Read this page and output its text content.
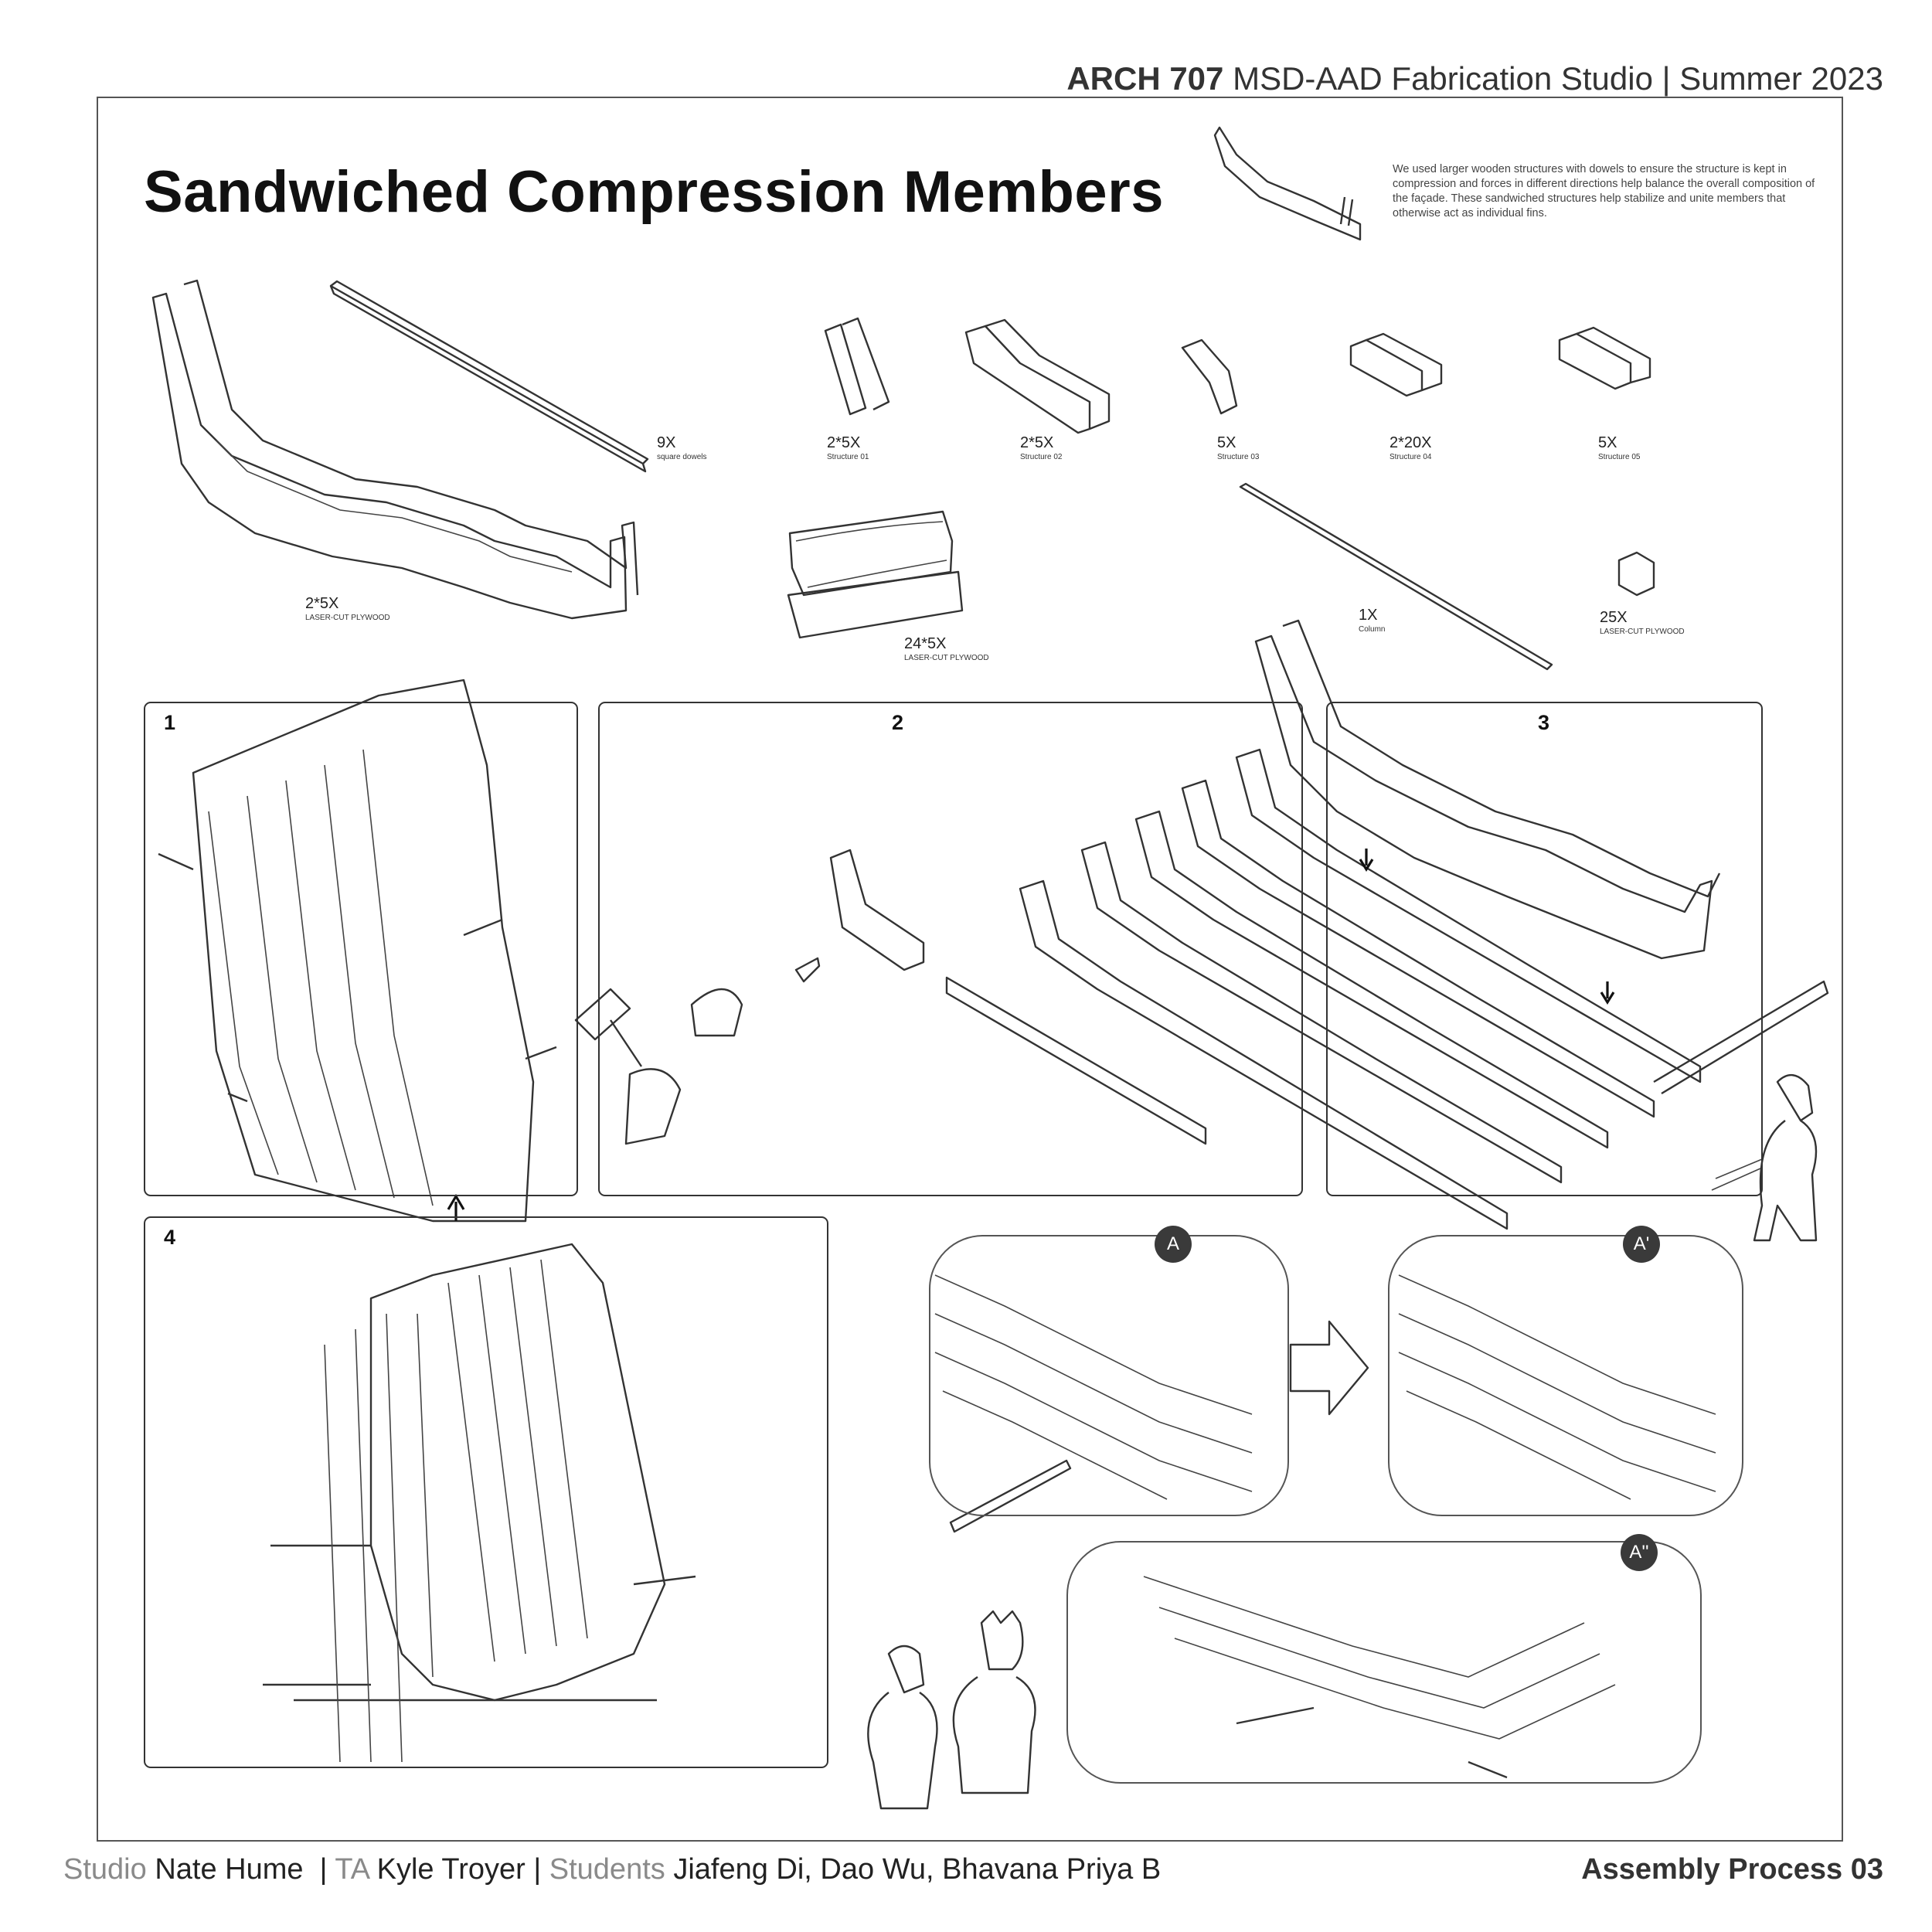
ARCH 707 MSD-AAD Fabrication Studio | Summer 2023
Sandwiched Compression Members	We used larger wooden structures with dowels to ensure the structure is kept in compression and forces in different directions help balance the overall composition of the façade. These sandwiched structures help stabilize and unite members that otherwise act as individual fins.
2*5X
LASER-CUT PLYWOOD
9X
square dowels
2*5X
Structure 01
2*5X
Structure 02
5X
Structure 03
2*20X
Structure 04
5X
Structure 05
24*5X
LASER-CUT PLYWOOD
1X
Column
25X
LASER-CUT PLYWOOD
1	2	3
4	A	A'
A''
Studio Nate Hume | TA Kyle Troyer | Students Jiafeng Di, Dao Wu, Bhavana Priya B	Assembly Process 03
